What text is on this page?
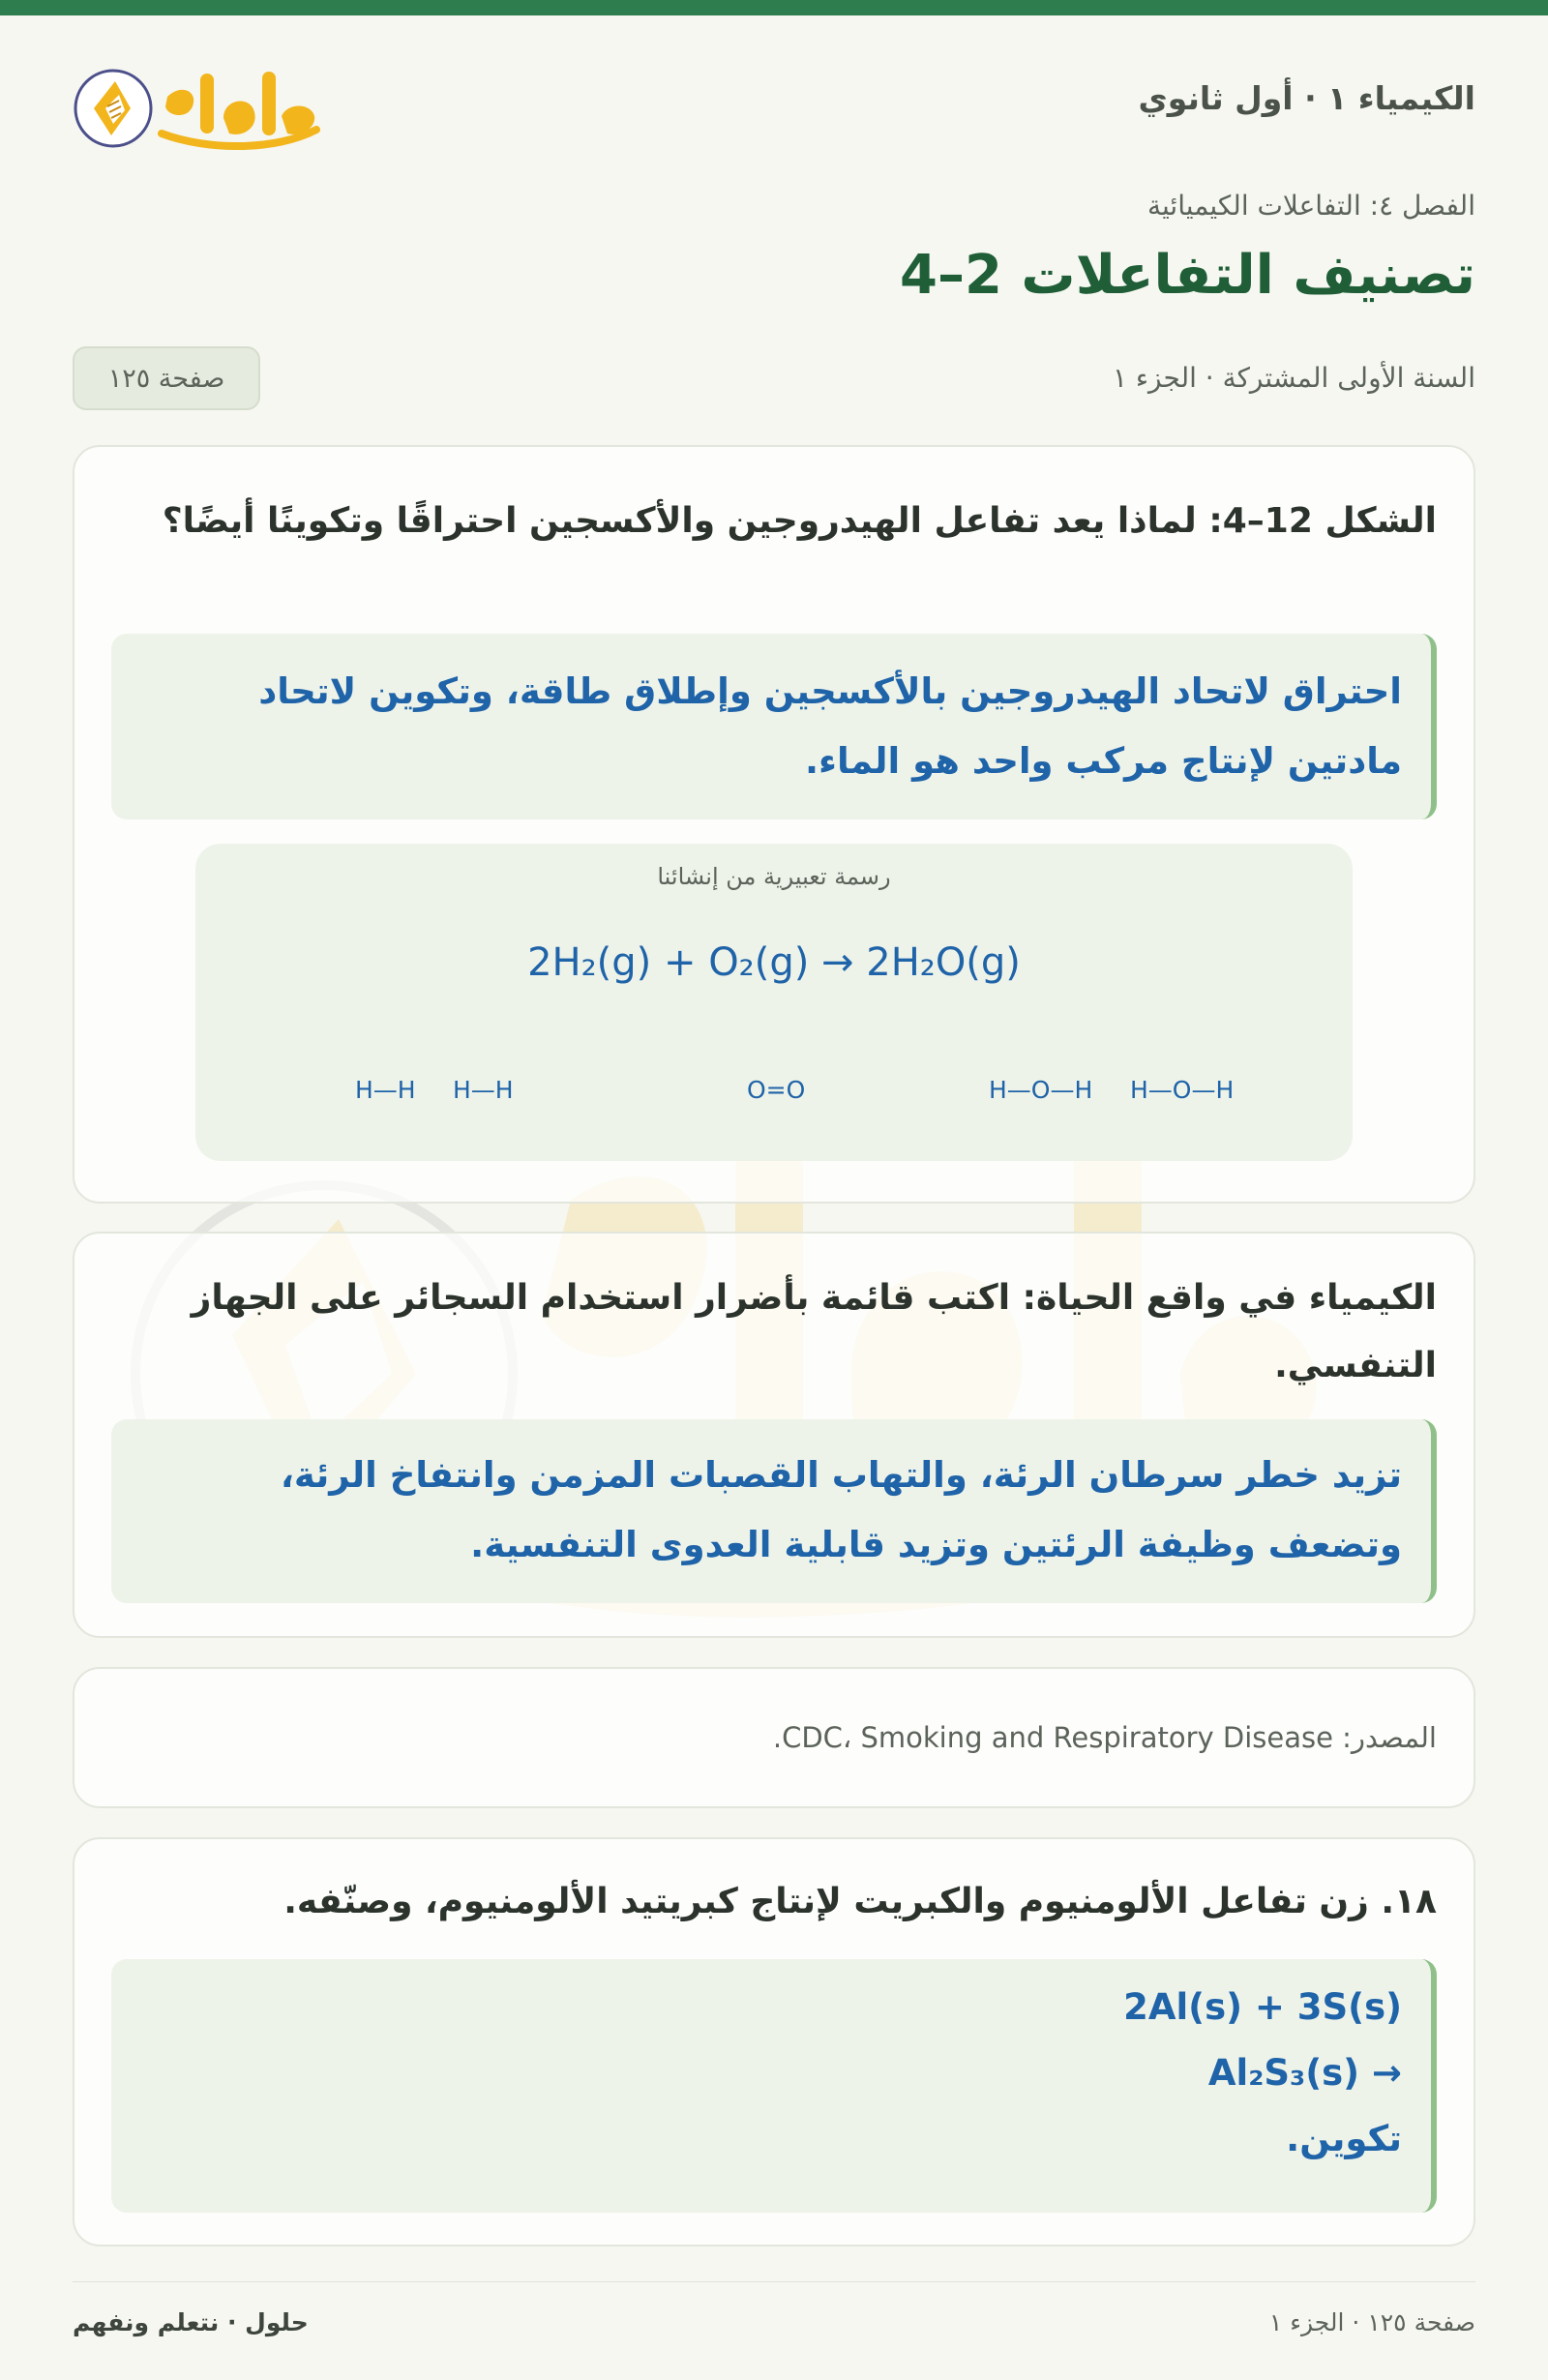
الكيمياء ١ · أول ثانوي
الفصل ٤: التفاعلات الكيميائية
تصنيف التفاعلات 2–4
السنة الأولى المشتركة · الجزء ١
صفحة ١٢٥
الشكل 12–4: لماذا يعد تفاعل الهيدروجين والأكسجين احتراقًا وتكوينًا أيضًا؟
احتراق لاتحاد الهيدروجين بالأكسجين وإطلاق طاقة، وتكوين لاتحاد مادتين لإنتاج مركب واحد هو الماء.
رسمة تعبيرية من إنشائنا
2H₂(g) + O₂(g) → 2H₂O(g)
H—H H—H	O=O	H—O—H H—O—H
الكيمياء في واقع الحياة: اكتب قائمة بأضرار استخدام السجائر على الجهاز التنفسي.
تزيد خطر سرطان الرئة، والتهاب القصبات المزمن وانتفاخ الرئة، وتضعف وظيفة الرئتين وتزيد قابلية العدوى التنفسية.
المصدر: CDC، Smoking and Respiratory Disease.
١٨. زن تفاعل الألومنيوم والكبريت لإنتاج كبريتيد الألومنيوم، وصنّفه.
2Al(s) + 3S(s)
→ Al₂S₃(s)
تكوين.
صفحة ١٢٥ · الجزء ١
حلول · نتعلم ونفهم
